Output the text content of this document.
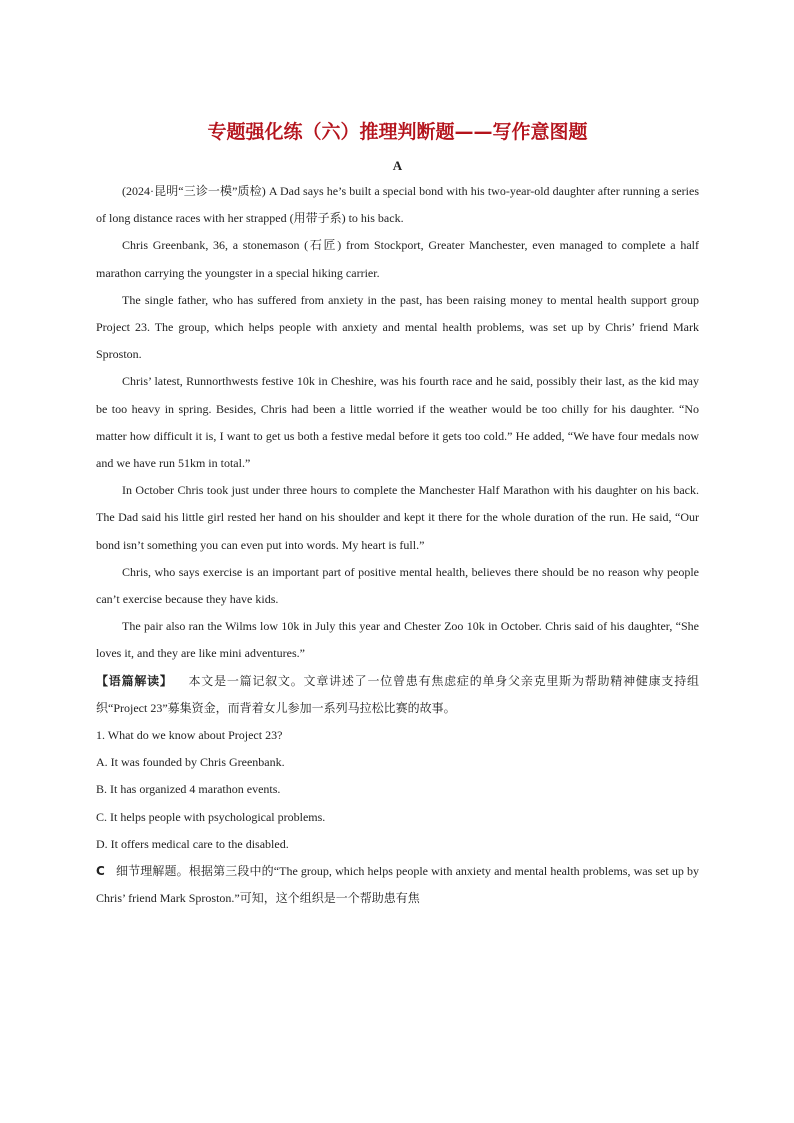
专题强化练（六）推理判断题——写作意图题
A

(2024·昆明“三诊一模”质检) A Dad says he’s built a special bond with his two-year-old daughter after running a series of long distance races with her strapped (用带子系) to his back.

Chris Greenbank, 36, a stonemason (石匠) from Stockport, Greater Manchester, even managed to complete a half marathon carrying the youngster in a special hiking carrier.

The single father, who has suffered from anxiety in the past, has been raising money to mental health support group Project 23. The group, which helps people with anxiety and mental health problems, was set up by Chris’ friend Mark Sproston.

Chris’ latest, Runnorthwests festive 10k in Cheshire, was his fourth race and he said, possibly their last, as the kid may be too heavy in spring. Besides, Chris had been a little worried if the weather would be too chilly for his daughter. “No matter how difficult it is, I want to get us both a festive medal before it gets too cold.” He added, “We have four medals now and we have run 51km in total.”

In October Chris took just under three hours to complete the Manchester Half Marathon with his daughter on his back. The Dad said his little girl rested her hand on his shoulder and kept it there for the whole duration of the run. He said, “Our bond isn’t something you can even put into words. My heart is full.”

Chris, who says exercise is an important part of positive mental health, believes there should be no reason why people can’t exercise because they have kids.

The pair also ran the Wilms low 10k in July this year and Chester Zoo 10k in October. Chris said of his daughter, “She loves it, and they are like mini adventures.”

【语篇解读】 本文是一篇记叙文。文章讲述了一位曾患有焦虑症的单身父亲克里斯为帮助精神健康支持组织“Project 23”募集资金，而背着女儿参加一系列马拉松比赛的故事。

1. What do we know about Project 23?

A. It was founded by Chris Greenbank.

B. It has organized 4 marathon events.

C. It helps people with psychological problems.

D. It offers medical care to the disabled.

C 细节理解题。根据第三段中的“The group, which helps people with anxiety and mental health problems, was set up by Chris’ friend Mark Sproston.”可知，这个组织是一个帮助患有焦
